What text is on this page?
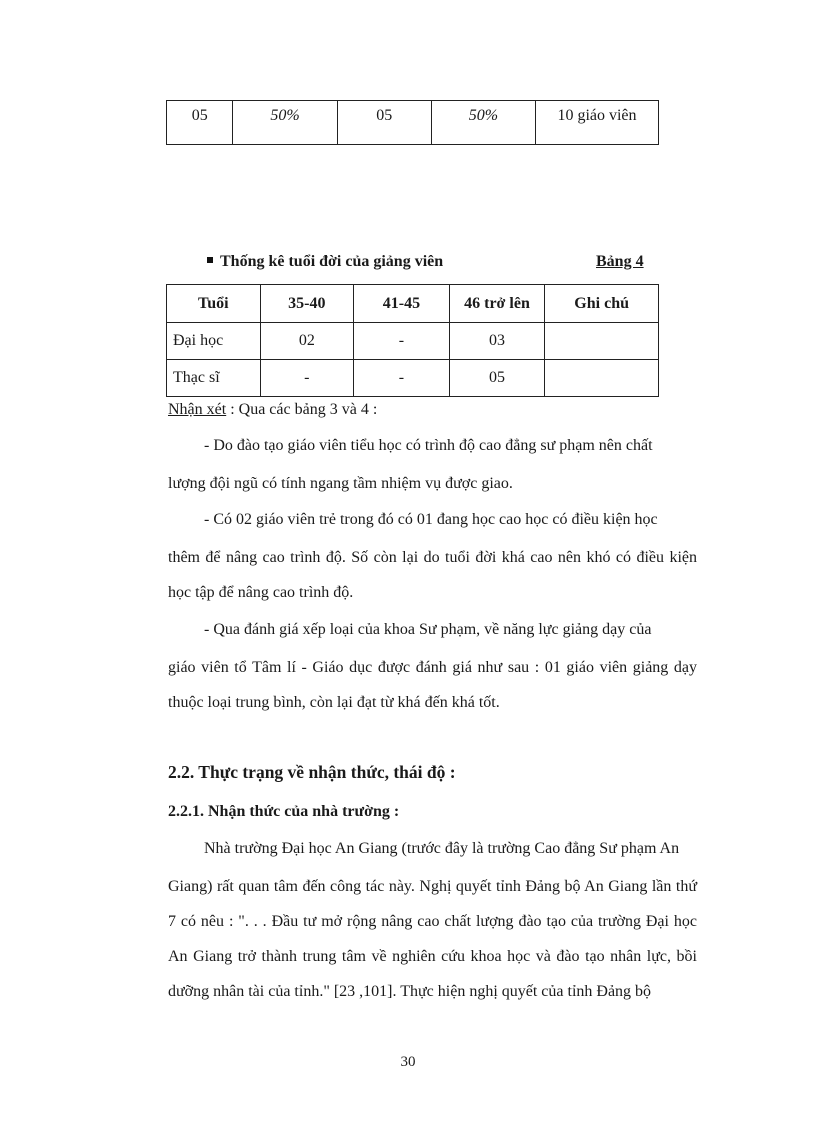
05	50%	05	50%	10 giáo viên
Thống kê tuổi đời của giảng viên	Bảng 4
Tuổi	35-40	41-45	46 trở lên	Ghi chú
Đại học	02	-	03	
Thạc sĩ	-	-	05	
Nhận xét : Qua các bảng 3 và 4 :
- Do đào tạo giáo viên tiểu học có trình độ cao đẳng sư phạm nên chất
lượng đội ngũ có tính ngang tầm nhiệm vụ được giao.
- Có 02 giáo viên trẻ trong đó có 01 đang học cao học có điều kiện học
thêm để nâng cao trình độ. Số còn lại do tuổi đời khá cao nên khó có điều kiện học tập để nâng cao trình độ.
- Qua đánh giá xếp loại của khoa Sư phạm, về năng lực giảng dạy của
giáo viên tổ Tâm lí - Giáo dục được đánh giá như sau : 01 giáo viên giảng dạy thuộc loại trung bình, còn lại đạt từ khá đến khá tốt.
2.2. Thực trạng về nhận thức, thái độ :
2.2.1. Nhận thức của nhà trường :
Nhà trường Đại học An Giang (trước đây là trường Cao đẳng Sư phạm An
Giang) rất quan tâm đến công tác này. Nghị quyết tỉnh Đảng bộ An Giang lần thứ 7 có nêu : ". . . Đầu tư mở rộng nâng cao chất lượng đào tạo của trường Đại học An Giang trở thành trung tâm về nghiên cứu khoa học và đào tạo nhân lực, bồi dưỡng nhân tài của tỉnh." [23 ,101]. Thực hiện nghị quyết của tỉnh Đảng bộ
30
